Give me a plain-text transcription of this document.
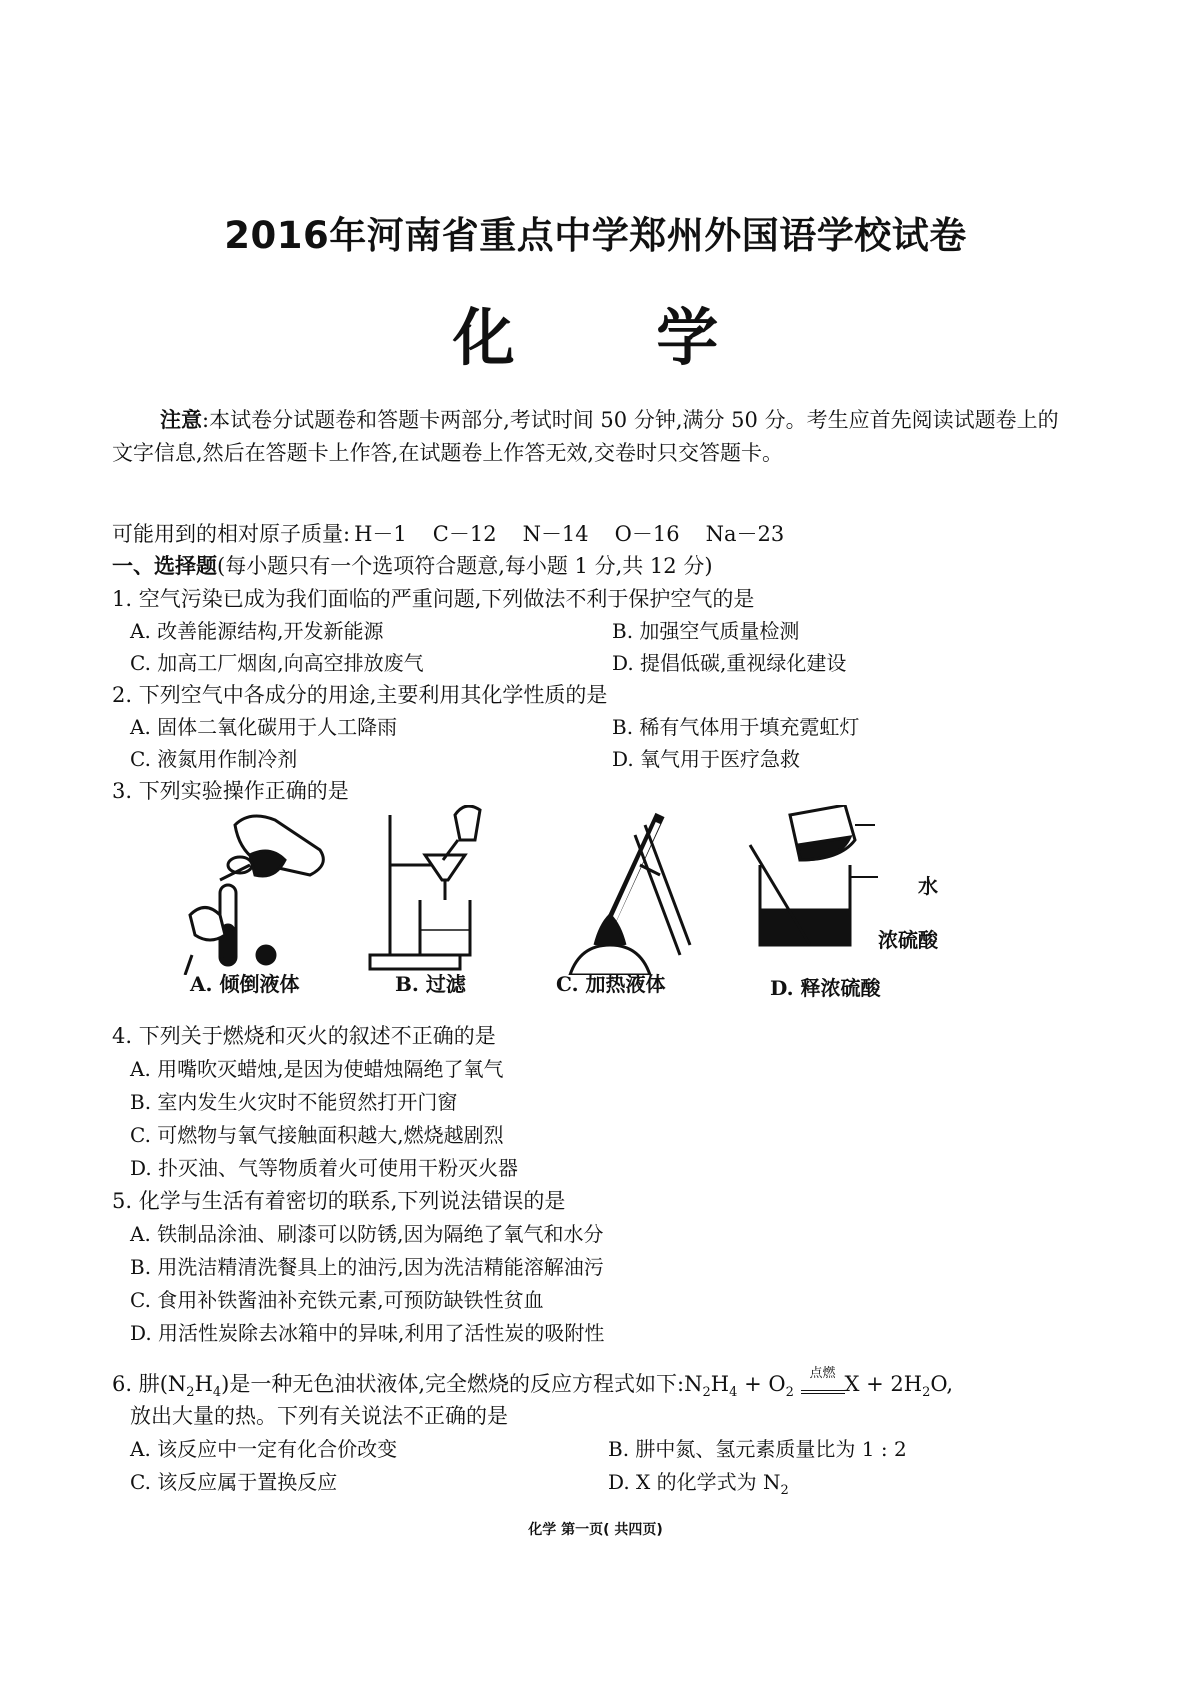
2016年河南省重点中学郑州外国语学校试卷
化 学
注意:本试卷分试题卷和答题卡两部分,考试时间 50 分钟,满分 50 分。考生应首先阅读试题卷上的文字信息,然后在答题卡上作答,在试题卷上作答无效,交卷时只交答题卡。
可能用到的相对原子质量: H－1 C－12 N－14 O－16 Na－23
一、选择题(每小题只有一个选项符合题意,每小题 1 分,共 12 分)
1. 空气污染已成为我们面临的严重问题,下列做法不利于保护空气的是
A. 改善能源结构,开发新能源	B. 加强空气质量检测
C. 加高工厂烟囱,向高空排放废气	D. 提倡低碳,重视绿化建设
2. 下列空气中各成分的用途,主要利用其化学性质的是
A. 固体二氧化碳用于人工降雨	B. 稀有气体用于填充霓虹灯
C. 液氮用作制冷剂	D. 氧气用于医疗急救
3. 下列实验操作正确的是
水
浓硫酸
A. 倾倒液体	B. 过滤	C. 加热液体	D. 释浓硫酸
4. 下列关于燃烧和灭火的叙述不正确的是
A. 用嘴吹灭蜡烛,是因为使蜡烛隔绝了氧气
B. 室内发生火灾时不能贸然打开门窗
C. 可燃物与氧气接触面积越大,燃烧越剧烈
D. 扑灭油、气等物质着火可使用干粉灭火器
5. 化学与生活有着密切的联系,下列说法错误的是
A. 铁制品涂油、刷漆可以防锈,因为隔绝了氧气和水分
B. 用洗洁精清洗餐具上的油污,因为洗洁精能溶解油污
C. 食用补铁酱油补充铁元素,可预防缺铁性贫血
D. 用活性炭除去冰箱中的异味,利用了活性炭的吸附性
6. 肼$(N_2H_4)$是一种无色油状液体,完全燃烧的反应方程式如下$:N_2H_4 + O_2$ $^{点燃}$ $X + 2H_2O$,
放出大量的热。下列有关说法不正确的是
A. 该反应中一定有化合价改变	B. 肼中氮、氢元素质量比为 1 : 2
C. 该反应属于置换反应	D. X 的化学式为 $N_2$
化学 第一页( 共四页)
